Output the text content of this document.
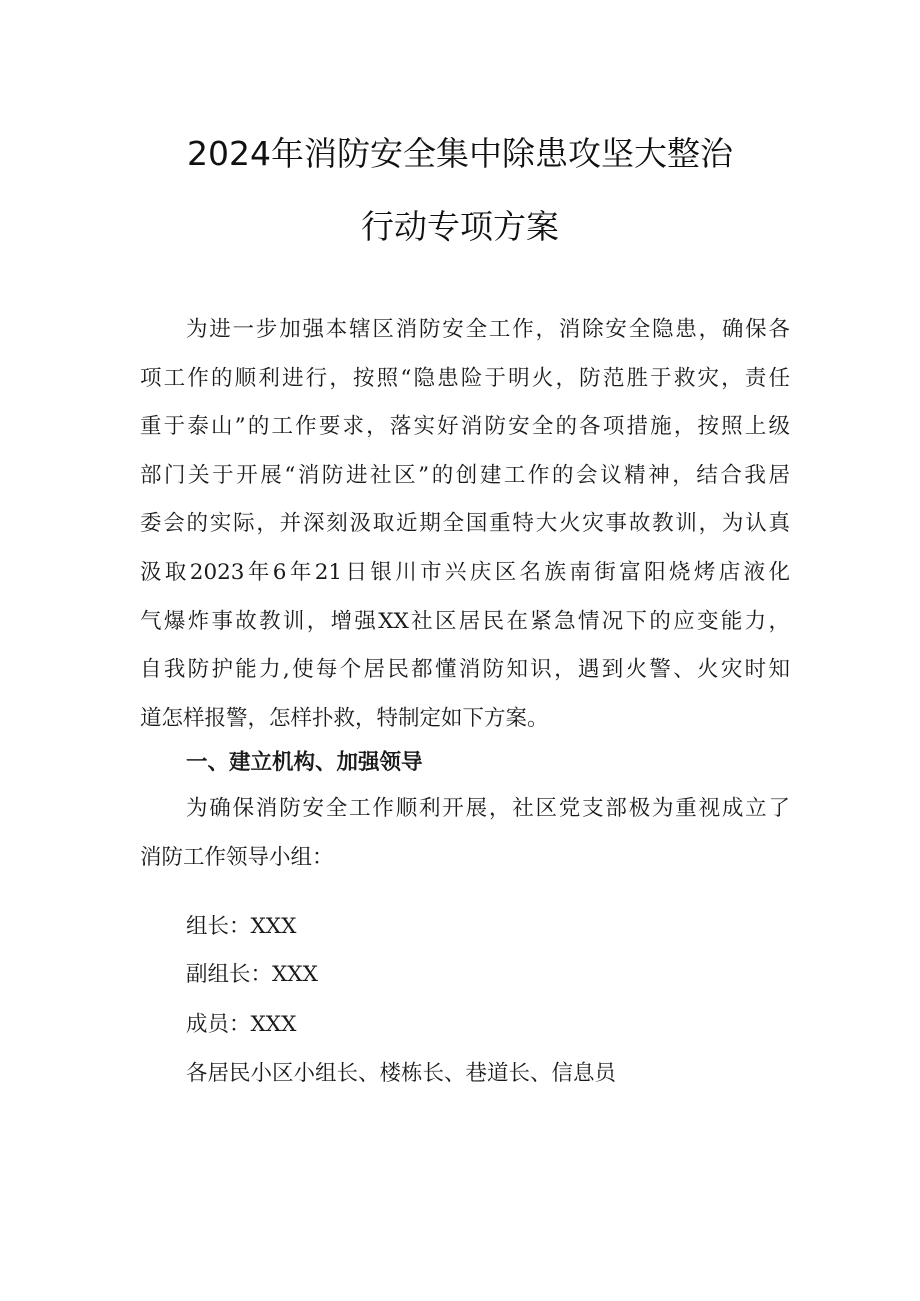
2024年消防安全集中除患攻坚大整治
行动专项方案
为进一步加强本辖区消防安全工作，消除安全隐患，确保各
项工作的顺利进行，按照“隐患险于明火，防范胜于救灾，责任
重于泰山”的工作要求，落实好消防安全的各项措施，按照上级
部门关于开展“消防进社区”的创建工作的会议精神，结合我居
委会的实际，并深刻汲取近期全国重特大火灾事故教训，为认真
汲取2023年6年21日银川市兴庆区名族南街富阳烧烤店液化
气爆炸事故教训，增强XX社区居民在紧急情况下的应变能力，
自我防护能力,使每个居民都懂消防知识，遇到火警、火灾时知
道怎样报警，怎样扑救，特制定如下方案。
一、建立机构、加强领导
为确保消防安全工作顺利开展，社区党支部极为重视成立了
消防工作领导小组：
组长：XXX
副组长：XXX
成员：XXX
各居民小区小组长、楼栋长、巷道长、信息员
